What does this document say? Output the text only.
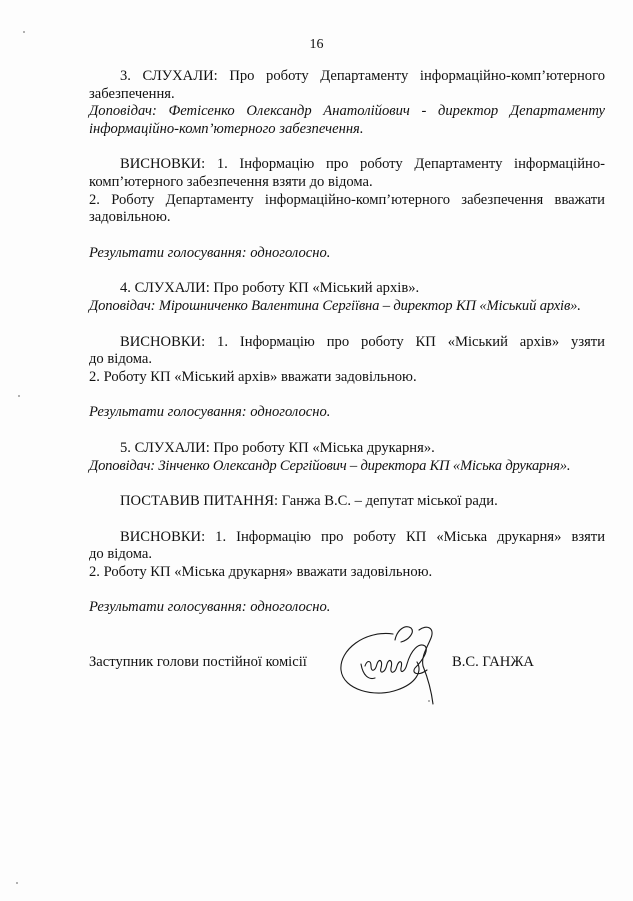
16

3. СЛУХАЛИ: Про роботу Департаменту інформаційно-комп’ютерного

забезпечення.

Доповідач: Фетісенко Олександр Анатолійович - директор Департаменту

інформаційно-комп’ютерного забезпечення.

ВИСНОВКИ: 1. Інформацію про роботу Департаменту інформаційно-

комп’ютерного забезпечення взяти до відома.

2. Роботу Департаменту інформаційно-комп’ютерного забезпечення вважати

задовільною.

Результати голосування: одноголосно.

4. СЛУХАЛИ: Про роботу КП «Міський архів».

Доповідач: Мірошниченко Валентина Сергіївна – директор КП «Міський архів».

ВИСНОВКИ: 1. Інформацію про роботу КП «Міський архів» узяти

до відома.

2. Роботу КП «Міський архів» вважати задовільною.

Результати голосування: одноголосно.

5. СЛУХАЛИ: Про роботу КП «Міська друкарня».

Доповідач: Зінченко Олександр Сергійович – директора КП «Міська друкарня».

ПОСТАВИВ ПИТАННЯ: Ганжа В.С. – депутат міської ради.

ВИСНОВКИ: 1. Інформацію про роботу КП «Міська друкарня» взяти

до відома.

2. Роботу КП «Міська друкарня» вважати задовільною.

Результати голосування: одноголосно.

Заступник голови постійної комісії	В.С. ГАНЖА
